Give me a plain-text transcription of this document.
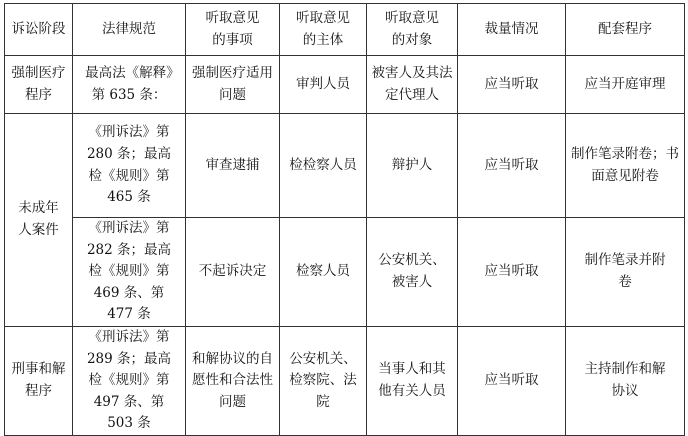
诉讼阶段	法律规范	听取意见的事项	听取意见的主体	听取意见的对象	裁量情况	配套程序
强制医疗程序	最高法《解释》第 635 条：	强制医疗适用问题	审判人员	被害人及其法定代理人	应当听取	应当开庭审理
未成年人案件	《刑诉法》第 280 条；最高检《规则》第 465 条	审查逮捕	检检察人员	辩护人	应当听取	制作笔录附卷；书面意见附卷
	《刑诉法》第 282 条；最高检《规则》第 469 条、第 477 条	不起诉决定	检察人员	公安机关、被害人	应当听取	制作笔录并附卷
刑事和解程序	《刑诉法》第 289 条；最高检《规则》第 497 条、第 503 条	和解协议的自愿性和合法性问题	公安机关、检察院、法院	当事人和其他有关人员	应当听取	主持制作和解协议
